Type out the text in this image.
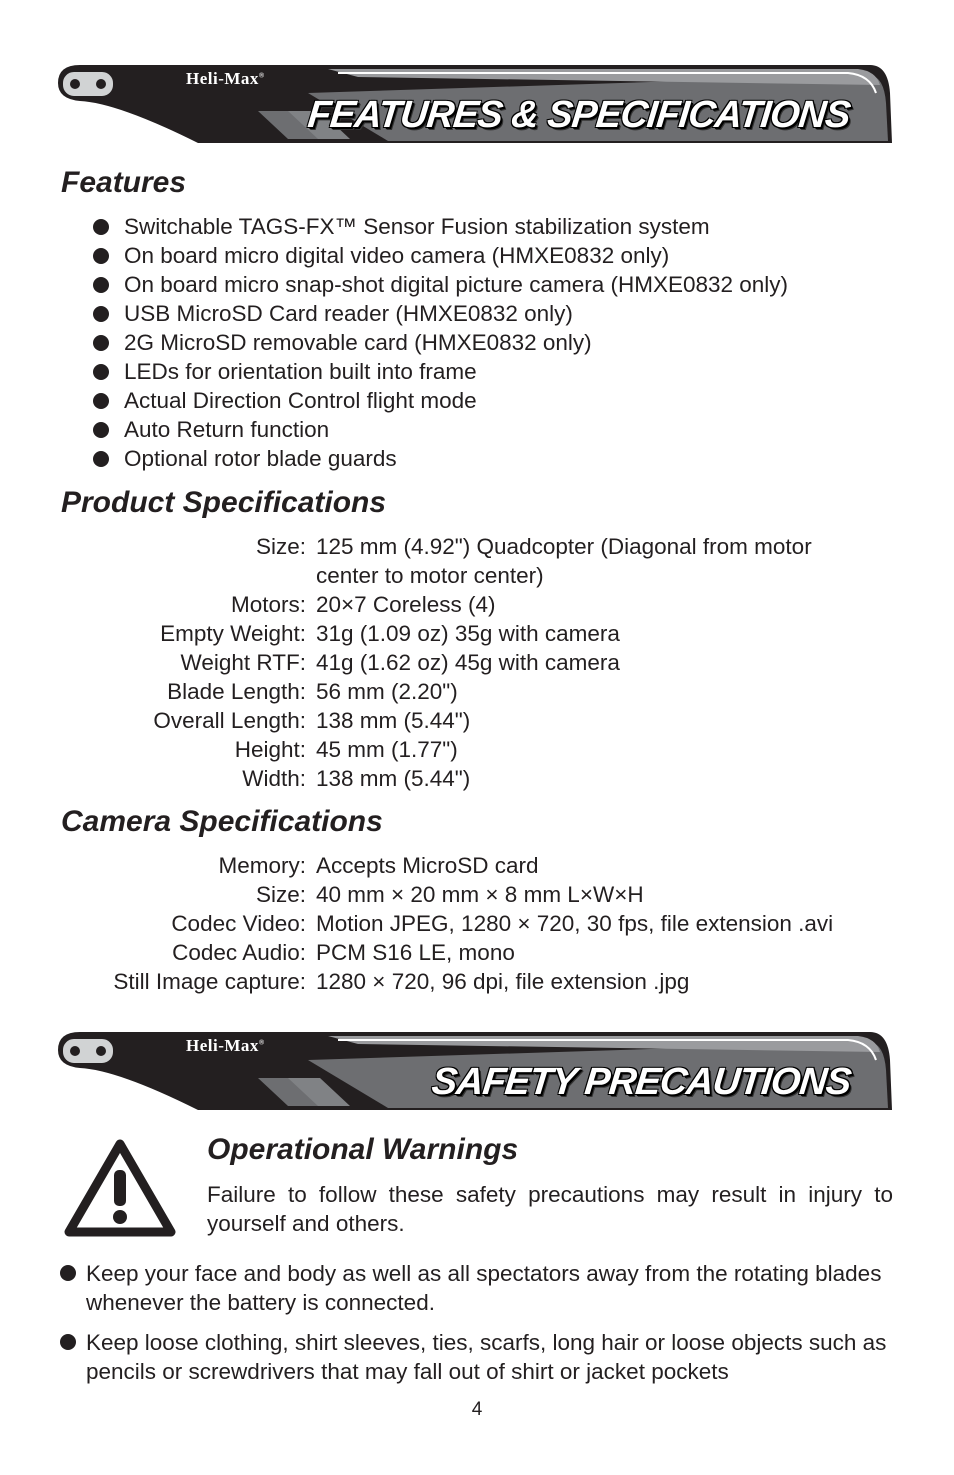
Heli-Max®
FEATURES & SPECIFICATIONS
Features
Switchable TAGS-FX™ Sensor Fusion stabilization system
On board micro digital video camera (HMXE0832 only)
On board micro snap-shot digital picture camera (HMXE0832 only)
USB MicroSD Card reader (HMXE0832 only)
2G MicroSD removable card (HMXE0832 only)
LEDs for orientation built into frame
Actual Direction Control flight mode
Auto Return function
Optional rotor blade guards
Product Specifications
Size: 125 mm (4.92") Quadcopter (Diagonal from motor
center to motor center)
Motors: 20×7 Coreless (4)
Empty Weight: 31g (1.09 oz) 35g with camera
Weight RTF: 41g (1.62 oz) 45g with camera
Blade Length: 56 mm (2.20")
Overall Length: 138 mm (5.44")
Height: 45 mm (1.77")
Width: 138 mm (5.44")
Camera Specifications
Memory: Accepts MicroSD card
Size: 40 mm × 20 mm × 8 mm L×W×H
Codec Video: Motion JPEG, 1280 × 720, 30 fps, file extension .avi
Codec Audio: PCM S16 LE, mono
Still Image capture: 1280 × 720, 96 dpi, file extension .jpg
Heli-Max®
SAFETY PRECAUTIONS
Operational Warnings
Failure to follow these safety precautions may result in injury to yourself and others.
Keep your face and body as well as all spectators away from the rotating blades whenever the battery is connected.
Keep loose clothing, shirt sleeves, ties, scarfs, long hair or loose objects such as pencils or screwdrivers that may fall out of shirt or jacket pockets
4
